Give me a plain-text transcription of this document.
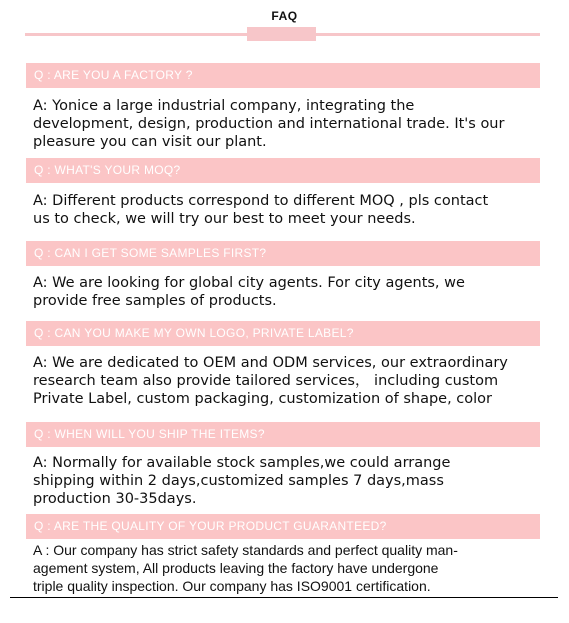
FAQ
Q : ARE YOU A FACTORY ?
A: Yonice a large industrial company, integrating the
development, design, production and international trade. It's our
pleasure you can visit our plant.
Q : WHAT'S YOUR MOQ?
A: Different products correspond to different MOQ , pls contact
us to check, we will try our best to meet your needs.
Q : CAN I GET SOME SAMPLES FIRST?
A: We are looking for global city agents. For city agents, we
provide free samples of products.
Q : CAN YOU MAKE MY OWN LOGO, PRIVATE LABEL?
A: We are dedicated to OEM and ODM services, our extraordinary
research team also provide tailored services， including custom
Private Label, custom packaging, customization of shape, color
Q : WHEN WILL YOU SHIP THE ITEMS?
A: Normally for available stock samples,we could arrange
shipping within 2 days,customized samples 7 days,mass
production 30-35days.
Q : ARE THE QUALITY OF YOUR PRODUCT GUARANTEED?
A : Our company has strict safety standards and perfect quality man-
agement system, All products leaving the factory have undergone
triple quality inspection. Our company has ISO9001 certification.
